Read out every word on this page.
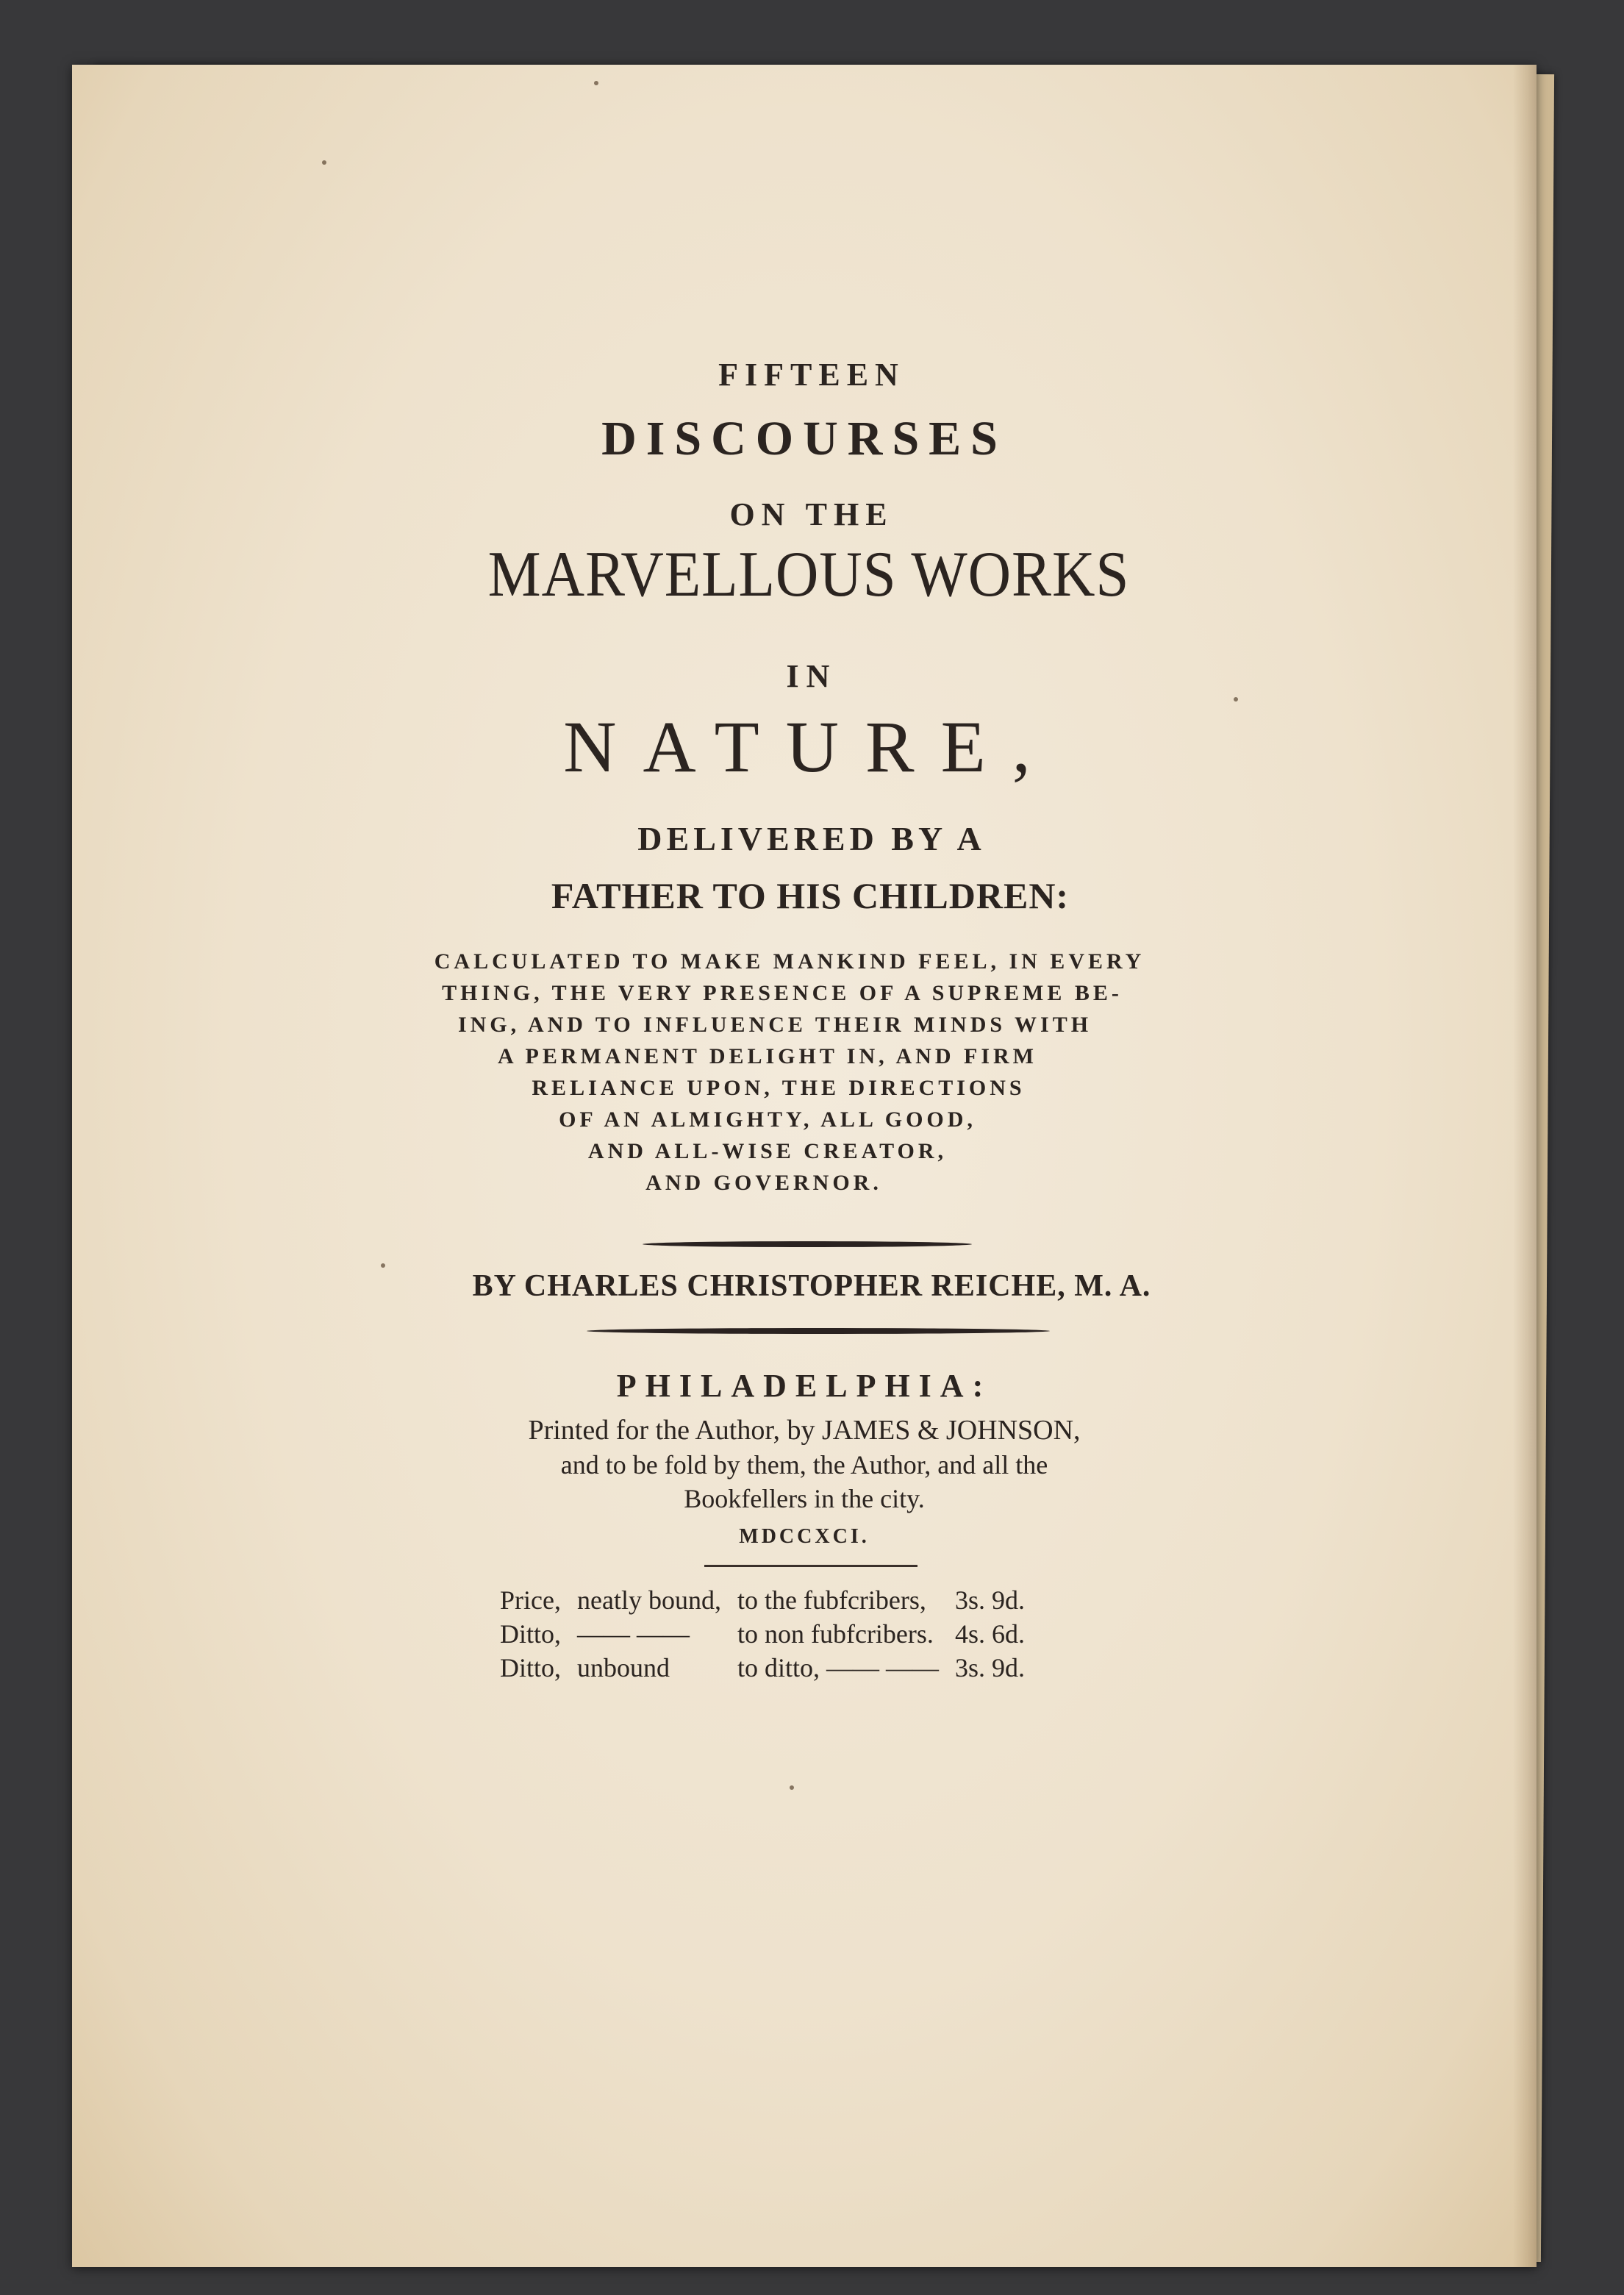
FIFTEEN

DISCOURSES

ON THE

MARVELLOUS WORKS

IN

NATURE,

DELIVERED BY A

FATHER TO HIS CHILDREN:

CALCULATED TO MAKE MANKIND FEEL, IN EVERY

THING, THE VERY PRESENCE OF A SUPREME BE-

ING, AND TO INFLUENCE THEIR MINDS WITH

A PERMANENT DELIGHT IN, AND FIRM

RELIANCE UPON, THE DIRECTIONS

OF AN ALMIGHTY, ALL GOOD,

AND ALL-WISE CREATOR,

AND GOVERNOR.

BY CHARLES CHRISTOPHER REICHE, M. A.

PHILADELPHIA:

Printed for the Author, by JAMES & JOHNSON,

and to be fold by them, the Author, and all the

Bookfellers in the city.

MDCCXCI.

Price,	neatly bound,	to the fubfcribers,	3s. 9d.
Ditto,	—— ——	to non fubfcribers.	4s. 6d.
Ditto,	unbound	to ditto, —— ——	3s. 9d.
